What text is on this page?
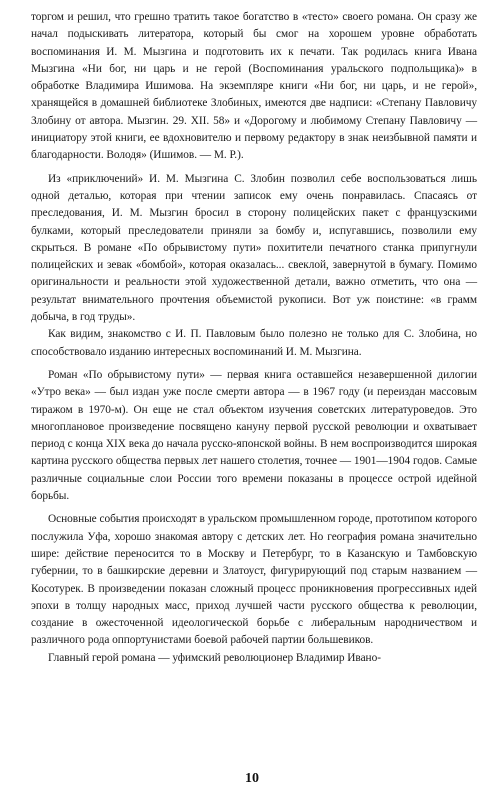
торгом и решил, что грешно тратить такое богатство в «тесто» своего романа. Он сразу же начал подыскивать литератора, который бы смог на хорошем уровне обработать воспоминания И. М. Мызгина и подготовить их к печати. Так родилась книга Ивана Мызгина «Ни бог, ни царь и не герой (Воспоминания уральского подпольщика)» в обработке Владимира Ишимова. На экземпляре книги «Ни бог, ни царь, и не герой», хранящейся в домашней библиотеке Злобиных, имеются две надписи: «Степану Павловичу Злобину от автора. Мызгин. 29. XII. 58» и «Дорогому и любимому Степану Павловичу — инициатору этой книги, ее вдохновителю и первому редактору в знак неизбывной памяти и благодарности. Володя» (Ишимов. — М. Р.).

Из «приключений» И. М. Мызгина С. Злобин позволил себе воспользоваться лишь одной деталью, которая при чтении записок ему очень понравилась. Спасаясь от преследования, И. М. Мызгин бросил в сторону полицейских пакет с французскими булками, который преследователи приняли за бомбу и, испугавшись, позволили ему скрыться. В романе «По обрывистому пути» похитители печатного станка припугнули полицейских и зевак «бомбой», которая оказалась... свеклой, завернутой в бумагу. Помимо оригинальности и реальности этой художественной детали, важно отметить, что она — результат внимательного прочтения объемистой рукописи. Вот уж поистине: «в грамм добыча, в год труды».

Как видим, знакомство с И. П. Павловым было полезно не только для С. Злобина, но способствовало изданию интересных воспоминаний И. М. Мызгина.

Роман «По обрывистому пути» — первая книга оставшейся незавершенной дилогии «Утро века» — был издан уже после смерти автора — в 1967 году (и переиздан массовым тиражом в 1970-м). Он еще не стал объектом изучения советских литературоведов. Это многоплановое произведение посвящено кануну первой русской революции и охватывает период с конца XIX века до начала русско-японской войны. В нем воспроизводится широкая картина русского общества первых лет нашего столетия, точнее — 1901—1904 годов. Самые различные социальные слои России того времени показаны в процессе острой идейной борьбы.

Основные события происходят в уральском промышленном городе, прототипом которого послужила Уфа, хорошо знакомая автору с детских лет. Но география романа значительно шире: действие переносится то в Москву и Петербург, то в Казанскую и Тамбовскую губернии, то в башкирские деревни и Златоуст, фигурирующий под старым названием — Косотурек. В произведении показан сложный процесс проникновения прогрессивных идей эпохи в толщу народных масс, приход лучшей части русского общества к революции, создание в ожесточенной идеологической борьбе с либеральным народничеством и различного рода оппортунистами боевой рабочей партии большевиков.

Главный герой романа — уфимский революционер Владимир Ивано-

10
